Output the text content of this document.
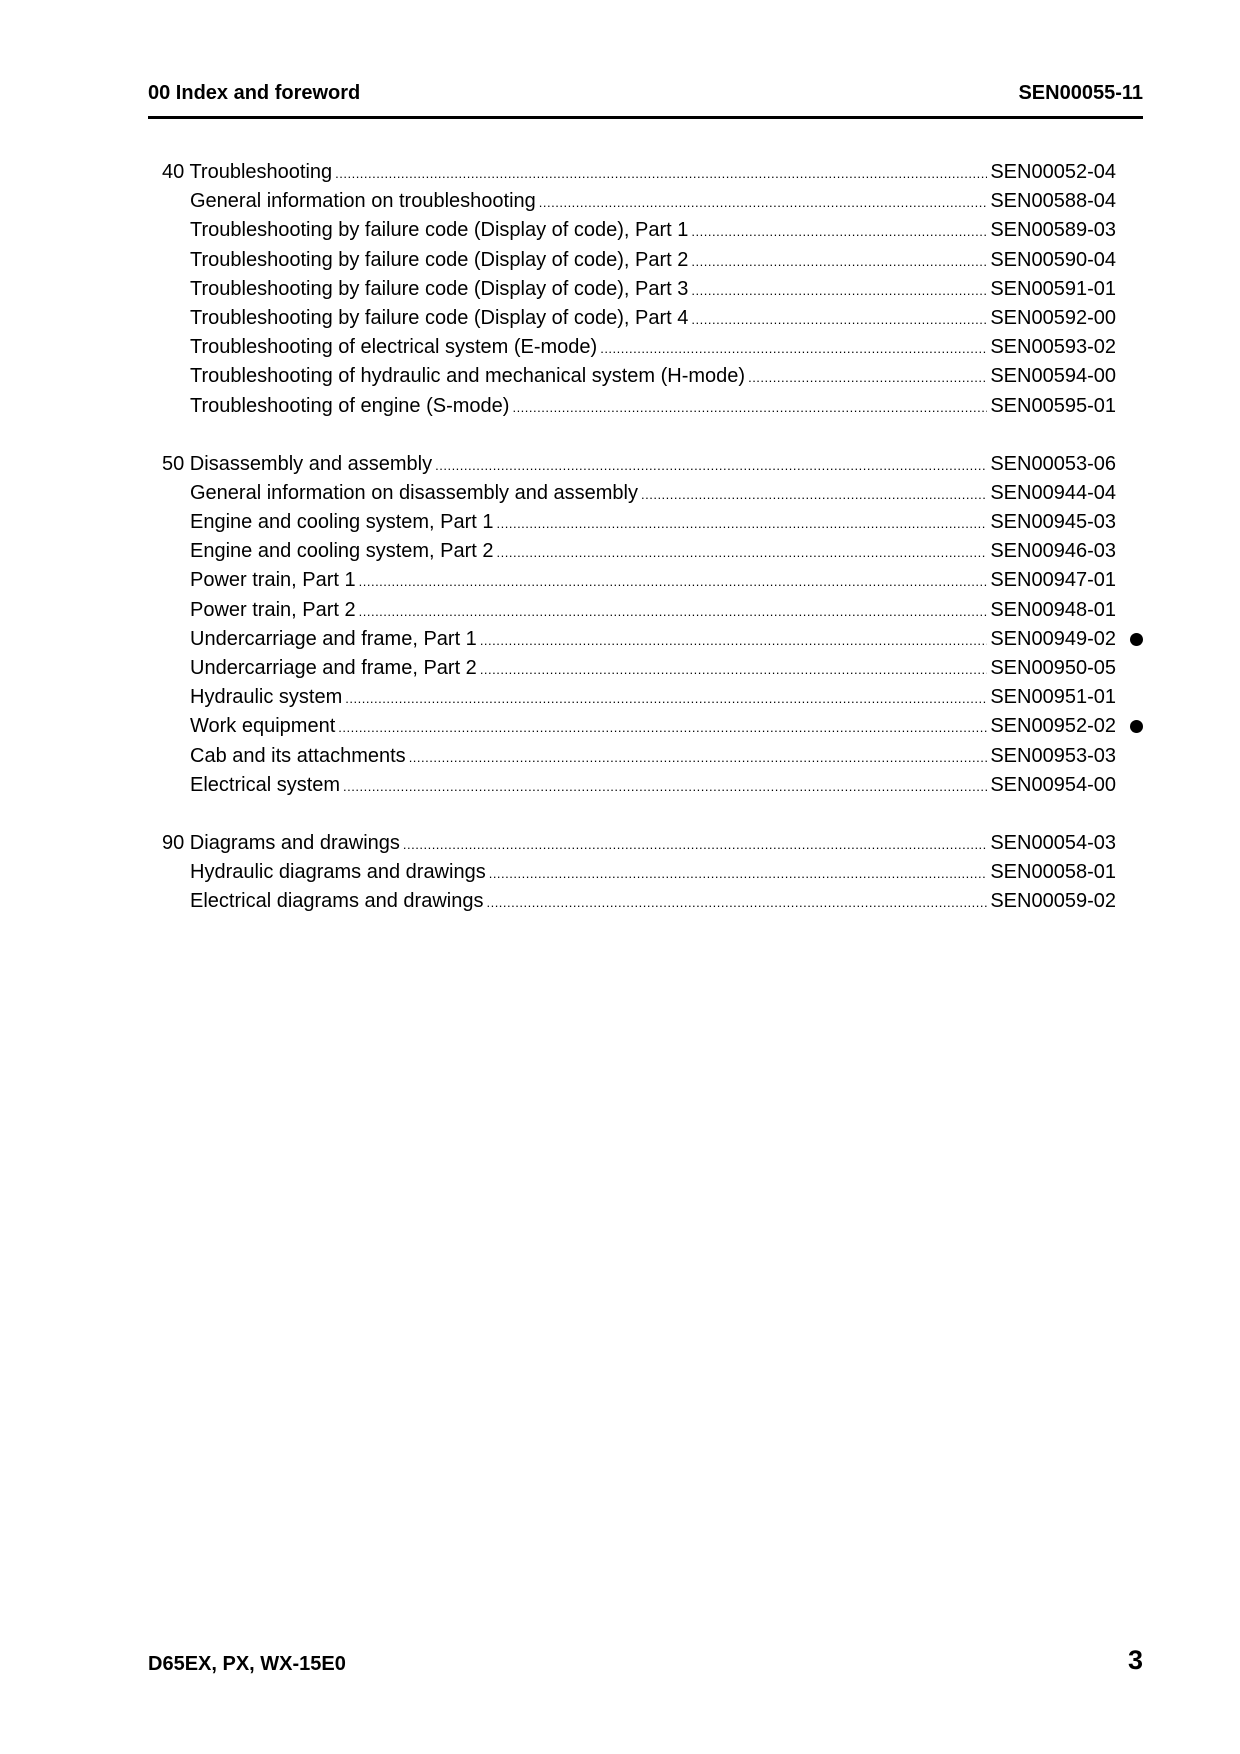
00 Index and foreword	SEN00055-11
40 Troubleshooting .....	SEN00052-04
General information on troubleshooting .....	SEN00588-04
Troubleshooting by failure code (Display of code), Part 1 .....	SEN00589-03
Troubleshooting by failure code (Display of code), Part 2 .....	SEN00590-04
Troubleshooting by failure code (Display of code), Part 3 .....	SEN00591-01
Troubleshooting by failure code (Display of code), Part 4 .....	SEN00592-00
Troubleshooting of electrical system (E-mode) .....	SEN00593-02
Troubleshooting of hydraulic and mechanical system (H-mode) .....	SEN00594-00
Troubleshooting of engine (S-mode) .....	SEN00595-01
50 Disassembly and assembly .....	SEN00053-06
General information on disassembly and assembly .....	SEN00944-04
Engine and cooling system, Part 1 .....	SEN00945-03
Engine and cooling system, Part 2 .....	SEN00946-03
Power train, Part 1 .....	SEN00947-01
Power train, Part 2 .....	SEN00948-01
Undercarriage and frame, Part 1 .....	SEN00949-02
Undercarriage and frame, Part 2 .....	SEN00950-05
Hydraulic system .....	SEN00951-01
Work equipment .....	SEN00952-02
Cab and its attachments .....	SEN00953-03
Electrical system .....	SEN00954-00
90 Diagrams and drawings .....	SEN00054-03
Hydraulic diagrams and drawings .....	SEN00058-01
Electrical diagrams and drawings .....	SEN00059-02
D65EX, PX, WX-15E0	3
